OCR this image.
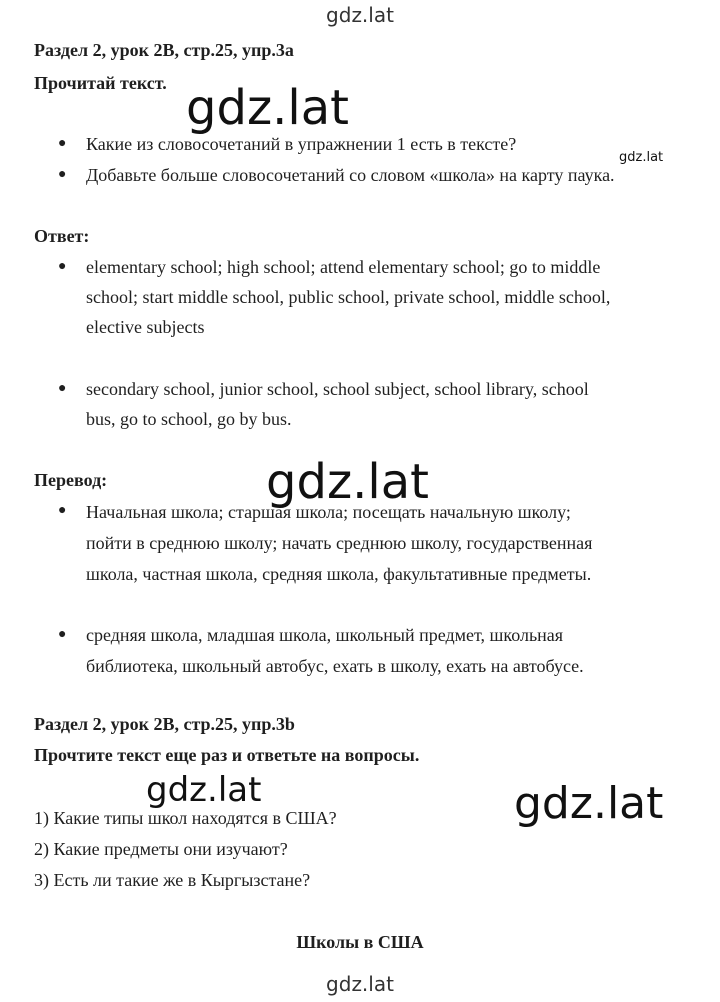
gdz.lat
gdz.lat
gdz.lat
gdz.lat
gdz.lat	gdz.lat
gdz.lat
Раздел 2, урок 2B, стр.25, упр.3a
Прочитай текст.
● Какие из словосочетаний в упражнении 1 есть в тексте?
● Добавьте больше словосочетаний со словом «школа» на карту паука.
Ответ:
● elementary school; high school; attend elementary school; go to middle
school; start middle school, public school, private school, middle school,
elective subjects
● secondary school, junior school, school subject, school library, school
bus, go to school, go by bus.
Перевод:
● Начальная школа; старшая школа; посещать начальную школу;
пойти в среднюю школу; начать среднюю школу, государственная
школа, частная школа, средняя школа, факультативные предметы.
● средняя школа, младшая школа, школьный предмет, школьная
библиотека, школьный автобус, ехать в школу, ехать на автобусе.
Раздел 2, урок 2B, стр.25, упр.3b
Прочтите текст еще раз и ответьте на вопросы.
1) Какие типы школ находятся в США?
2) Какие предметы они изучают?
3) Есть ли такие же в Кыргызстане?
Школы в США
